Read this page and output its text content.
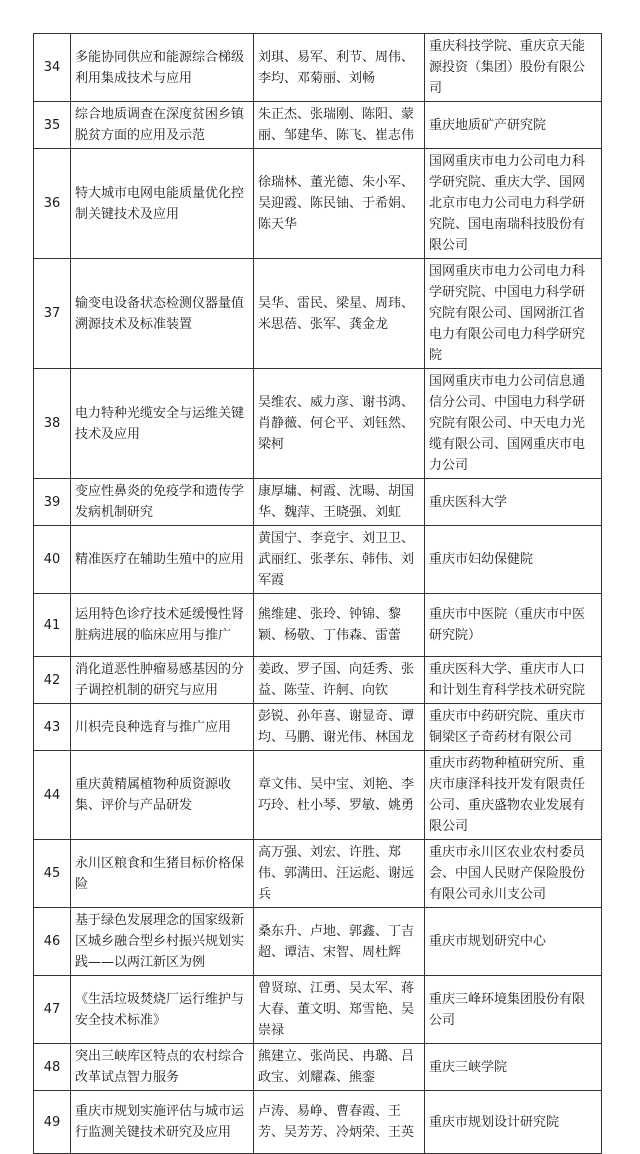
34	多能协同供应和能源综合梯级利用集成技术与应用	刘琪、易军、利节、周伟、李均、邓菊丽、刘畅	重庆科技学院、重庆京天能源投资（集团）股份有限公司
35	综合地质调查在深度贫困乡镇脱贫方面的应用及示范	朱正杰、张瑞刚、陈阳、蒙丽、邹建华、陈飞、崔志伟	重庆地质矿产研究院
36	特大城市电网电能质量优化控制关键技术及应用	徐瑞林、董光德、朱小军、吴迎霞、陈民铀、于希娟、陈天华	国网重庆市电力公司电力科学研究院、重庆大学、国网北京市电力公司电力科学研究院、国电南瑞科技股份有限公司
37	输变电设备状态检测仪器量值溯源技术及标准装置	吴华、雷民、梁星、周玮、米思蓓、张军、龚金龙	国网重庆市电力公司电力科学研究院、中国电力科学研究院有限公司、国网浙江省电力有限公司电力科学研究院
38	电力特种光缆安全与运维关键技术及应用	吴维农、威力彦、谢书鸿、肖静薇、何仑平、刘钰然、梁柯	国网重庆市电力公司信息通信分公司、中国电力科学研究院有限公司、中天电力光缆有限公司、国网重庆市电力公司
39	变应性鼻炎的免疫学和遗传学发病机制研究	康厚墉、柯霞、沈暘、胡国华、魏萍、王晓强、刘虹	重庆医科大学
40	精准医疗在辅助生殖中的应用	黄国宁、李竞宇、刘卫卫、武丽红、张孝东、韩伟、刘军霞	重庆市妇幼保健院
41	运用特色诊疗技术延缓慢性肾脏病进展的临床应用与推广	熊维建、张玲、钟锦、黎颖、杨敬、丁伟森、雷蕾	重庆市中医院（重庆市中医研究院）
42	消化道恶性肿瘤易感基因的分子调控机制的研究与应用	姜政、罗子国、向廷秀、张益、陈莹、许舸、向钦	重庆医科大学、重庆市人口和计划生育科学技术研究院
43	川枳壳良种选育与推广应用	彭锐、孙年喜、谢显奇、谭均、马鹏、谢光伟、林国龙	重庆市中药研究院、重庆市铜梁区子奇药材有限公司
44	重庆黄精属植物种质资源收集、评价与产品研发	章文伟、吴中宝、刘艳、李巧玲、杜小琴、罗敏、姚勇	重庆市药物种植研究所、重庆市康泽科技开发有限责任公司、重庆盛物农业发展有限公司
45	永川区粮食和生猪目标价格保险	高万强、刘宏、许胜、郑伟、郭满田、汪运彪、谢远兵	重庆市永川区农业农村委员会、中国人民财产保险股份有限公司永川支公司
46	基于绿色发展理念的国家级新区城乡融合型乡村振兴规划实践——以两江新区为例	桑东升、卢地、郭鑫、丁吉超、谭洁、宋智、周杜辉	重庆市规划研究中心
47	《生活垃圾焚烧厂运行维护与安全技术标准》	曾贤琼、江勇、吴太军、蒋大春、董文明、郑雪艳、吴崇禄	重庆三峰环境集团股份有限公司
48	突出三峡库区特点的农村综合改革试点智力服务	熊建立、张尚民、冉璐、吕政宝、刘耀森、熊銮	重庆三峡学院
49	重庆市规划实施评估与城市运行监测关键技术研究及应用	卢涛、易峥、曹春霞、王芳、吴芳芳、冷炳荣、王英	重庆市规划设计研究院
